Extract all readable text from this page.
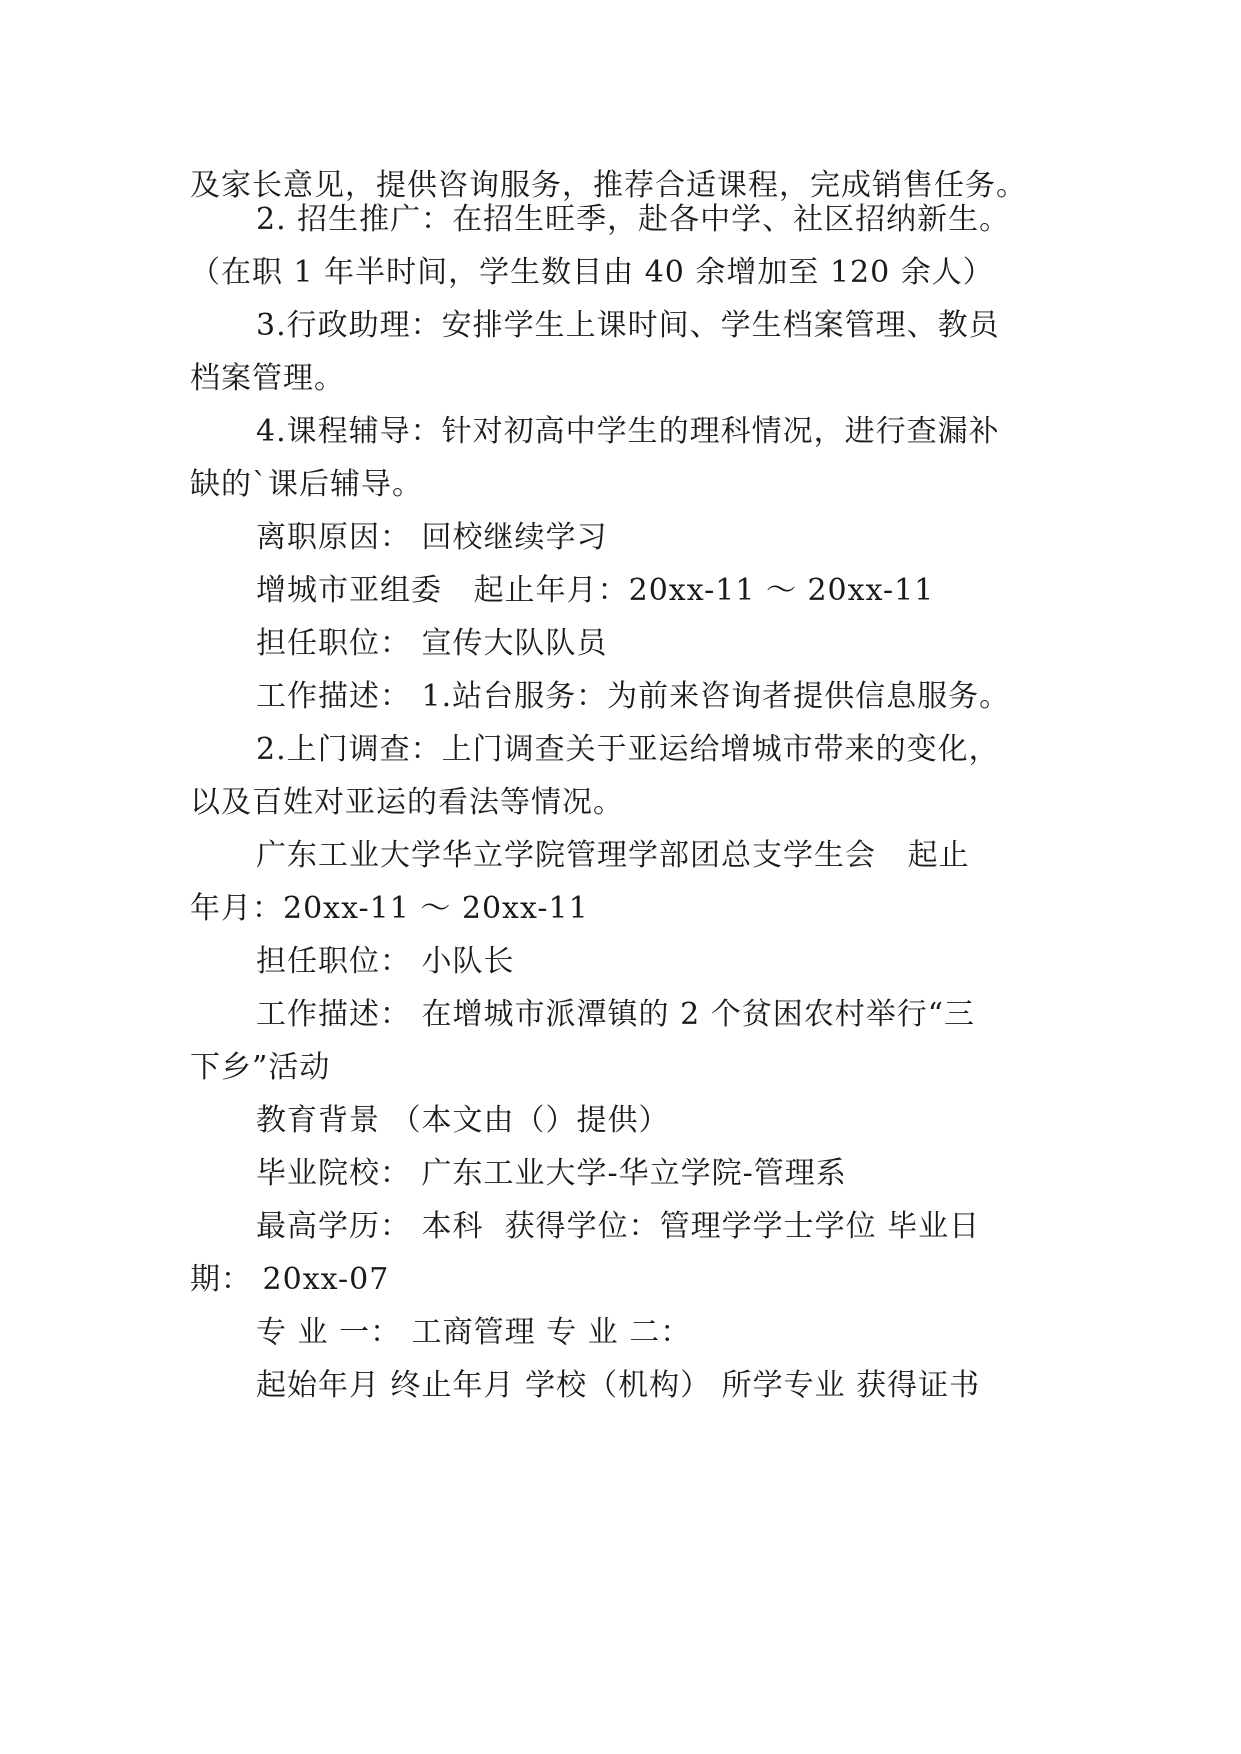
及家长意见，提供咨询服务，推荐合适课程，完成销售任务。
2. 招生推广：在招生旺季，赴各中学、社区招纳新生。
（在职 1 年半时间，学生数目由 40 余增加至 120 余人）
3.行政助理：安排学生上课时间、学生档案管理、教员
档案管理。
4.课程辅导：针对初高中学生的理科情况，进行查漏补
缺的`课后辅导。
离职原因： 回校继续学习
增城市亚组委   起止年月：20xx-11 ～ 20xx-11
担任职位： 宣传大队队员
工作描述： 1.站台服务：为前来咨询者提供信息服务。
2.上门调查：上门调查关于亚运给增城市带来的变化，
以及百姓对亚运的看法等情况。
广东工业大学华立学院管理学部团总支学生会   起止
年月：20xx-11 ～ 20xx-11
担任职位： 小队长
工作描述： 在增城市派潭镇的 2 个贫困农村举行“三
下乡”活动
教育背景 （本文由（）提供）
毕业院校： 广东工业大学-华立学院-管理系
最高学历： 本科  获得学位：管理学学士学位 毕业日
期： 20xx-07
专 业 一： 工商管理 专 业 二：
起始年月 终止年月 学校（机构） 所学专业 获得证书
